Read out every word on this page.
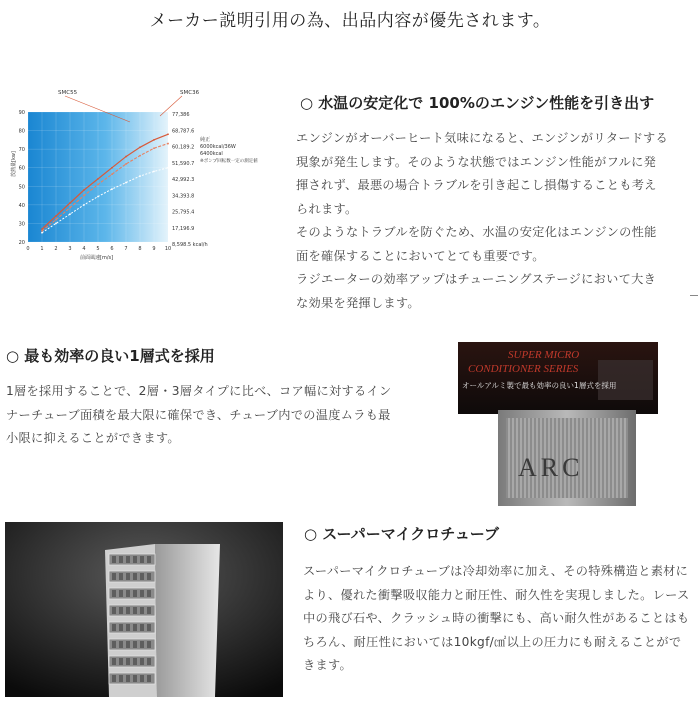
メーカー説明引用の為、出品内容が優先されます。
20
30
40
50
60
70
80
90
0 1 2 3 4 5 6 7 8 9 10
77,386
68,787.6
60,189.2
51,590.7
42,992.3
34,393.8
25,795.4
17,196.9
8,598.5 kcal/h
放熱量[kw]
前面風速[m/s]
SMC55	SMC36
純正
6000kcal/36W
6400kcal
※ポンプ回転数一定の測定値
○ 水温の安定化で 100%のエンジン性能を引き出す

エンジンがオーバーヒート気味になると、エンジンがリタードする現象が発生します。そのような状態ではエンジン性能がフルに発揮されず、最悪の場合トラブルを引き起こし損傷することも考えられます。

そのようなトラブルを防ぐため、水温の安定化はエンジンの性能面を確保することにおいてとても重要です。

ラジエーターの効率アップはチューニングステージにおいて大きな効果を発揮します。

○ 最も効率の良い1層式を採用

1層を採用することで、2層・3層タイプに比べ、コア幅に対するインナーチューブ面積を最大限に確保でき、チューブ内での温度ムラも最小限に抑えることができます。

SUPER MICRO
CONDITIONER SERIES
オールアルミ製で最も効率の良い1層式を採用
ARC
○ スーパーマイクロチューブ

スーパーマイクロチューブは冷却効率に加え、その特殊構造と素材により、優れた衝撃吸収能力と耐圧性、耐久性を実現しました。レース中の飛び石や、クラッシュ時の衝撃にも、高い耐久性があることはもちろん、耐圧性においては10kgf/㎠以上の圧力にも耐えることができます。
